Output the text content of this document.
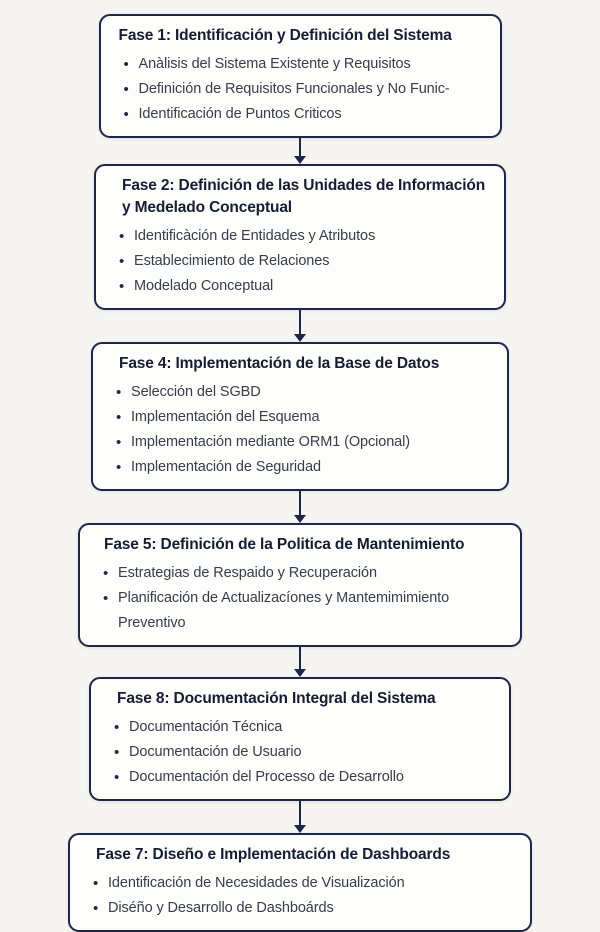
Fase 1: Identificación y Definición del Sistema
• Anàlisis del Sistema Existente y Requisitos
• Definición de Requisitos Funcionales y No Funic-
• Identificación de Puntos Criticos
Fase 2: Definición de las Unidades de Información y Medelado Conceptual
• Identificàción de Entidades y Atributos
• Establecimiento de Relaciones
• Modelado Conceptual
Fase 4: Implementación de la Base de Datos
• Selección del SGBD
• Implementación del Esquema
• Implementación mediante ORM1 (Opcional)
• Implementación de Seguridad
Fase 5: Definición de la Politica de Mantenimiento
• Estrategias de Respaido y Recuperación
• Planificación de Actualizacíones y Mantemimimiento Preventivo
Fase 8: Documentación Integral del Sistema
• Documentación Técnica
• Documentación de Usuario
• Documentación del Processo de Desarrollo
Fase 7: Diseño e Implementación de Dashboards
• Identificación de Necesidades de Visualización
• Diséño y Desarrollo de Dashboárds
